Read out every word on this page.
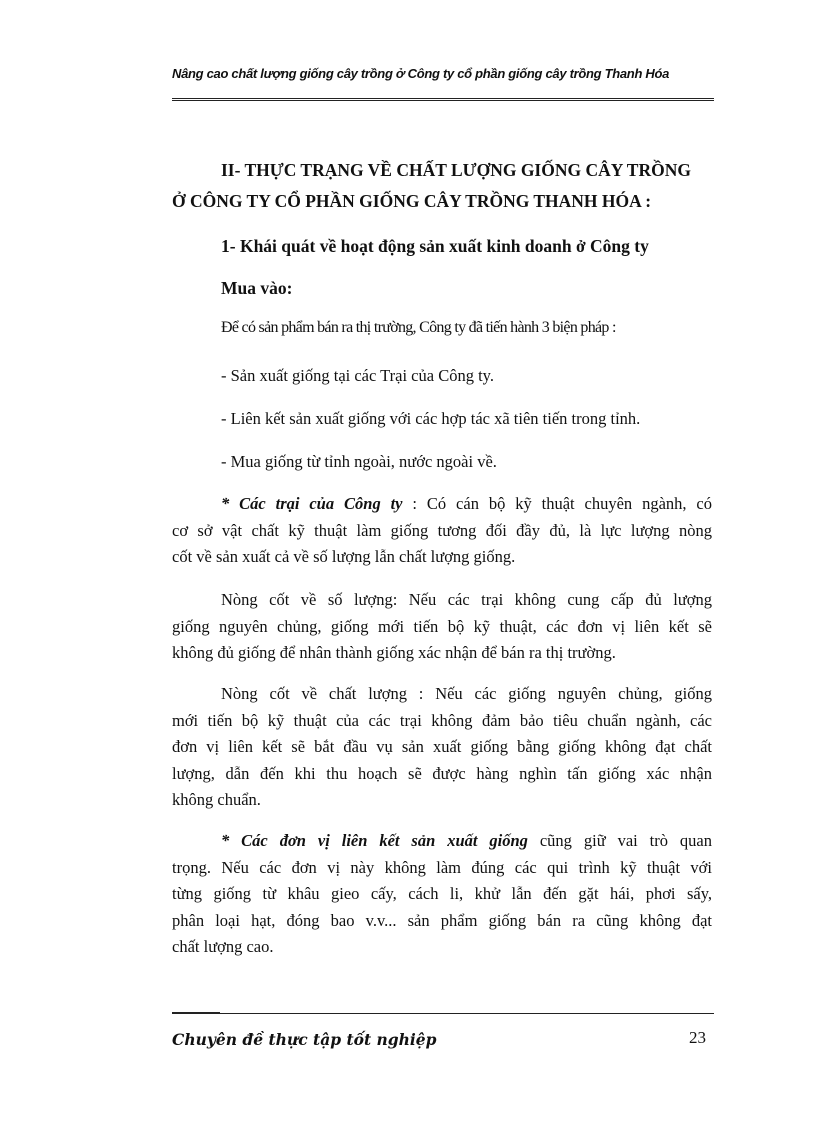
Nâng cao chất lượng giống cây trồng ở Công ty cổ phần giống cây trồng Thanh Hóa
II- THỰC TRẠNG VỀ CHẤT LƯỢNG GIỐNG CÂY TRỒNG
Ở CÔNG TY CỔ PHẦN GIỐNG CÂY TRỒNG THANH HÓA :
1- Khái quát về hoạt động sản xuất kinh doanh ở Công ty
Mua vào:
Để có sản phẩm bán ra thị trường, Công ty đã tiến hành 3 biện pháp :
- Sản xuất giống tại các Trại của Công ty.
- Liên kết sản xuất giống với các hợp tác xã tiên tiến trong tỉnh.
- Mua giống từ tỉnh ngoài, nước ngoài về.
* Các trại của Công ty : Có cán bộ kỹ thuật chuyên ngành, có
cơ sở vật chất kỹ thuật làm giống tương đối đầy đủ, là lực lượng nòng
cốt về sản xuất cả về số lượng lẫn chất lượng giống.
Nòng cốt về số lượng: Nếu các trại không cung cấp đủ lượng
giống nguyên chủng, giống mới tiến bộ kỹ thuật, các đơn vị liên kết sẽ
không đủ giống để nhân thành giống xác nhận để bán ra thị trường.
Nòng cốt về chất lượng : Nếu các giống nguyên chủng, giống
mới tiến bộ kỹ thuật của các trại không đảm bảo tiêu chuẩn ngành, các
đơn vị liên kết sẽ bắt đầu vụ sản xuất giống bằng giống không đạt chất
lượng, dẫn đến khi thu hoạch sẽ được hàng nghìn tấn giống xác nhận
không chuẩn.
* Các đơn vị liên kết sản xuất giống cũng giữ vai trò quan
trọng. Nếu các đơn vị này không làm đúng các qui trình kỹ thuật với
từng giống từ khâu gieo cấy, cách li, khử lẫn đến gặt hái, phơi sấy,
phân loại hạt, đóng bao v.v... sản phẩm giống bán ra cũng không đạt
chất lượng cao.
Chuyên đề thực tập tốt nghiệp	23
